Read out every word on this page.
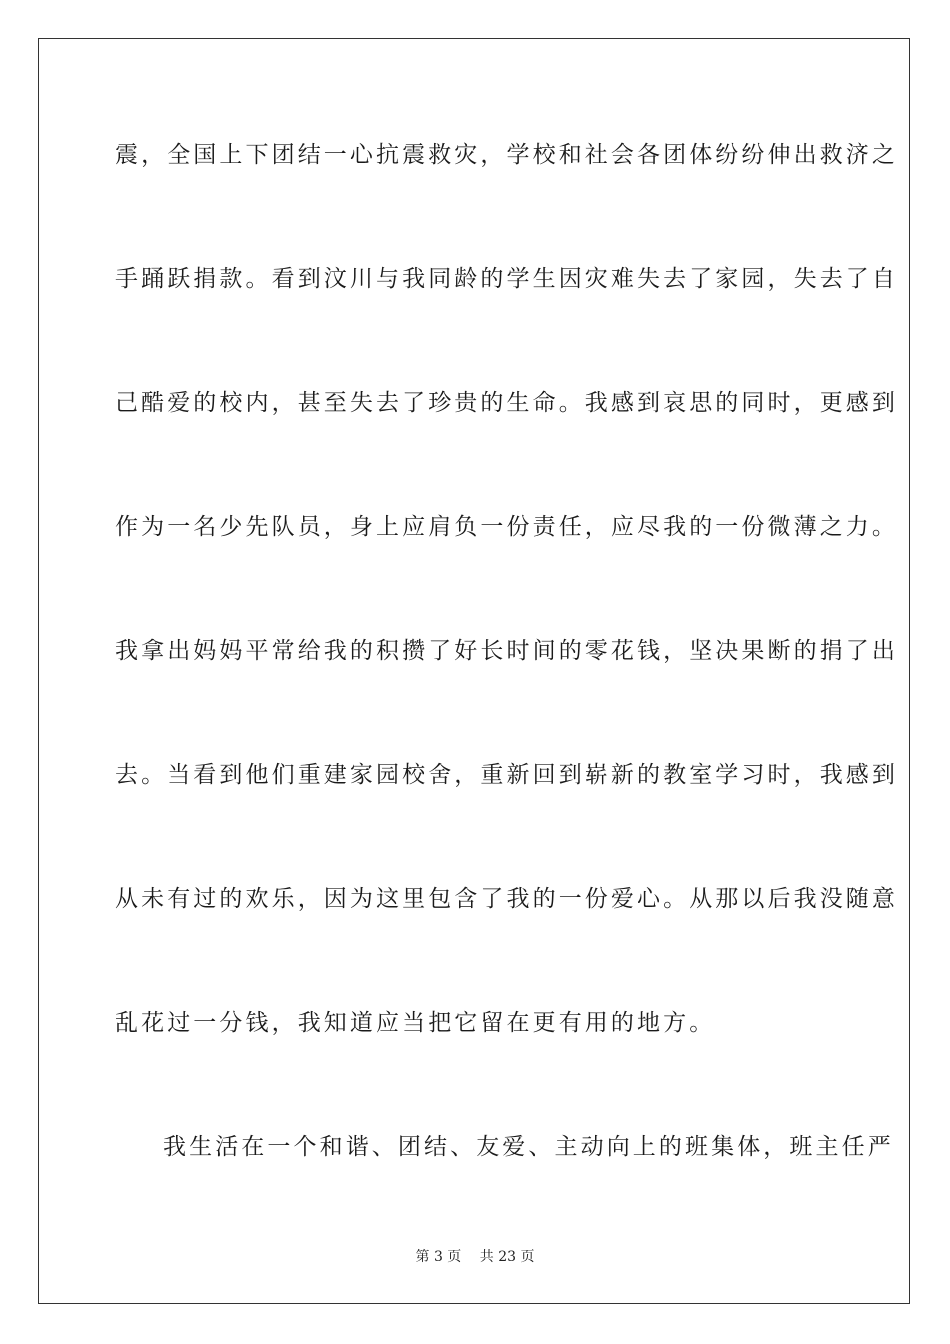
震，全国上下团结一心抗震救灾，学校和社会各团体纷纷伸出救济之
手踊跃捐款。看到汶川与我同龄的学生因灾难失去了家园，失去了自
己酷爱的校内，甚至失去了珍贵的生命。我感到哀思的同时，更感到
作为一名少先队员，身上应肩负一份责任，应尽我的一份微薄之力。
我拿出妈妈平常给我的积攒了好长时间的零花钱，坚决果断的捐了出
去。当看到他们重建家园校舍，重新回到崭新的教室学习时，我感到
从未有过的欢乐，因为这里包含了我的一份爱心。从那以后我没随意
乱花过一分钱，我知道应当把它留在更有用的地方。
我生活在一个和谐、团结、友爱、主动向上的班集体，班主任严
第 3 页 共 23 页
